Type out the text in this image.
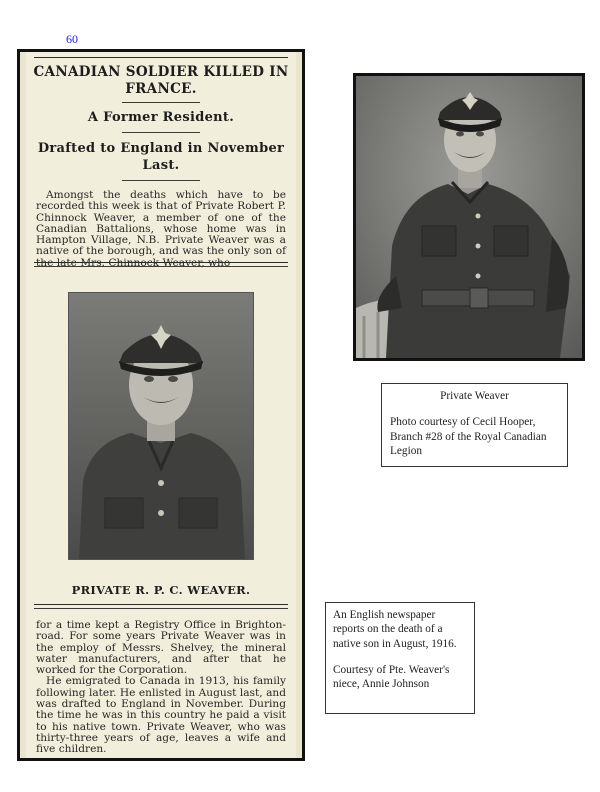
60
CANADIAN SOLDIER KILLED IN FRANCE.
A Former Resident.
Drafted to England in November Last.
Amongst the deaths which have to be recorded this week is that of Private Robert P. Chinnock Weaver, a member of one of the Canadian Battalions, whose home was in Hampton Village, N.B. Private Weaver was a native of the borough, and was the only son of the late Mrs. Chinnock Weaver, who
PRIVATE R. P. C. WEAVER.

for a time kept a Registry Office in Brighton-road. For some years Private Weaver was in the employ of Messrs. Shelvey, the mineral water manufacturers, and after that he worked for the Corporation.

He emigrated to Canada in 1913, his family following later. He enlisted in August last, and was drafted to England in November. During the time he was in this country he paid a visit to his native town. Private Weaver, who was thirty-three years of age, leaves a wife and five children.

Private Weaver

Photo courtesy of Cecil Hooper, Branch #28 of the Royal Canadian Legion

An English newspaper reports on the death of a native son in August, 1916.

Courtesy of Pte. Weaver's niece, Annie Johnson
